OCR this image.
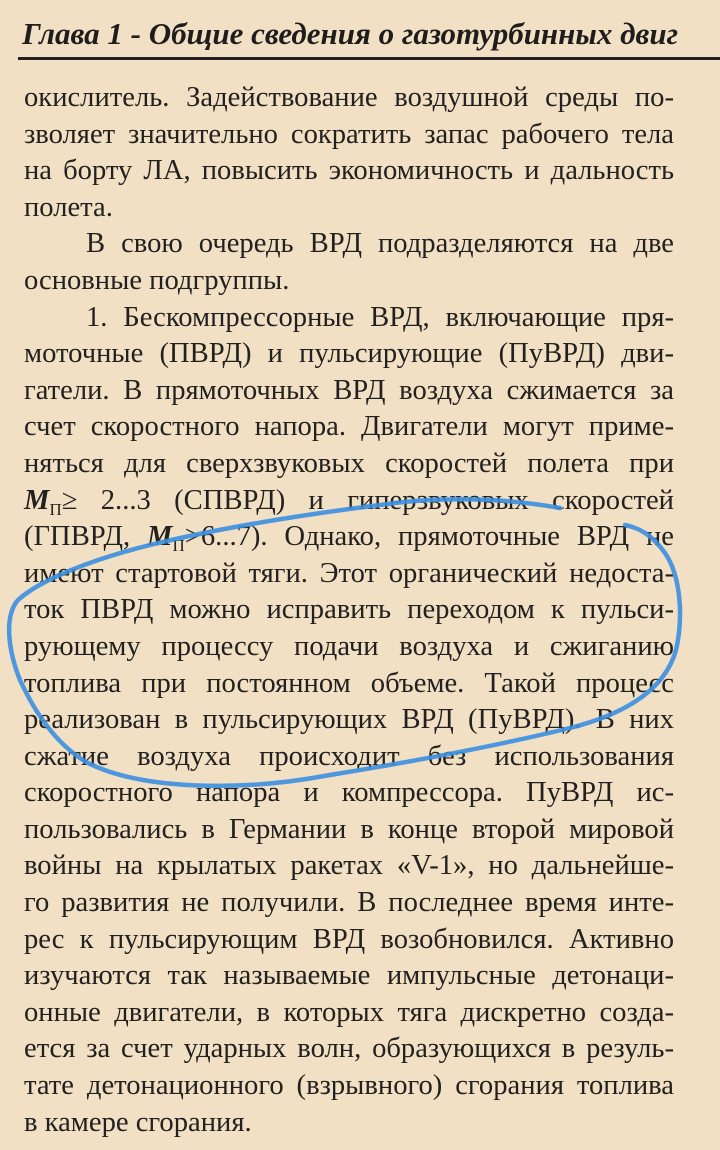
Глава 1 - Общие сведения о газотурбинных двиг
окислитель. Задействование воздушной среды по-
зволяет значительно сократить запас рабочего тела
на борту ЛА, повысить экономичность и дальность
полета.
В свою очередь ВРД подразделяются на две
основные подгруппы.
1. Бескомпрессорные ВРД, включающие пря-
моточные (ПВРД) и пульсирующие (ПуВРД) дви-
гатели. В прямоточных ВРД воздуха сжимается за
счет скоростного напора. Двигатели могут приме-
няться для сверхзвуковых скоростей полета при
$М_П\ge 2...3$ (СПВРД) и гиперзвуковых скоростей
(ГПВРД, $М_П>6...7$). Однако, прямоточные ВРД не
имеют стартовой тяги. Этот органический недоста-
ток ПВРД можно исправить переходом к пульси-
рующему процессу подачи воздуха и сжиганию
топлива при постоянном объеме. Такой процесс
реализован в пульсирующих ВРД (ПуВРД). В них
сжатие воздуха происходит без использования
скоростного напора и компрессора. ПуВРД ис-
пользовались в Германии в конце второй мировой
войны на крылатых ракетах «V-1», но дальнейше-
го развития не получили. В последнее время инте-
рес к пульсирующим ВРД возобновился. Активно
изучаются так называемые импульсные детонаци-
онные двигатели, в которых тяга дискретно созда-
ется за счет ударных волн, образующихся в резуль-
тате детонационного (взрывного) сгорания топлива
в камере сгорания.
